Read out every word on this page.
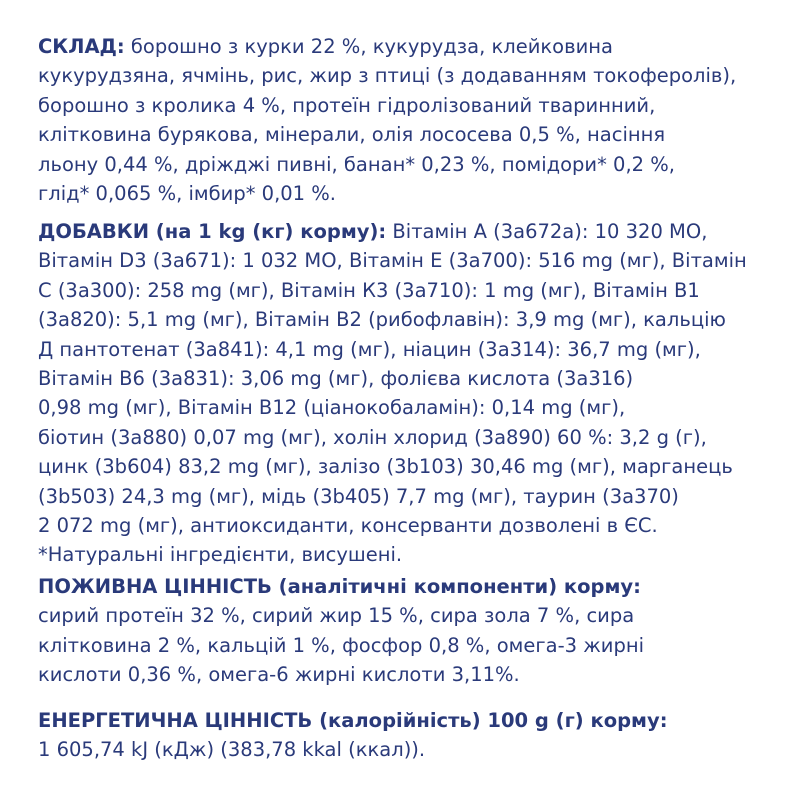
СКЛАД: борошно з курки 22 %, кукурудза, клейковина

кукурудзяна, ячмінь, рис, жир з птиці (з додаванням токоферолів),

борошно з кролика 4 %, протеїн гідролізований тваринний,

клітковина бурякова, мінерали, олія лососева 0,5 %, насіння

льону 0,44 %, дріжджі пивні, банан* 0,23 %, помідори* 0,2 %,

глід* 0,065 %, імбир* 0,01 %.

ДОБАВКИ (на 1 kg (кг) корму): Вітамін А (3а672а): 10 320 МО,

Вітамін D3 (3а671): 1 032 МО, Вітамін Е (3а700): 516 mg (мг), Вітамін

С (3а300): 258 mg (мг), Вітамін К3 (3а710): 1 mg (мг), Вітамін В1

(3а820): 5,1 mg (мг), Вітамін В2 (рибофлавін): 3,9 mg (мг), кальцію

Д пантотенат (3а841): 4,1 mg (мг), ніацин (3а314): 36,7 mg (мг),

Вітамін В6 (3а831): 3,06 mg (мг), фолієва кислота (3а316)

0,98 mg (мг), Вітамін В12 (ціанокобаламін): 0,14 mg (мг),

біотин (3а880) 0,07 mg (мг), холін хлорид (3а890) 60 %: 3,2 g (г),

цинк (3b604) 83,2 mg (мг), залізо (3b103) 30,46 mg (мг), марганець

(3b503) 24,3 mg (мг), мідь (3b405) 7,7 mg (мг), таурин (3а370)

2 072 mg (мг), антиоксиданти, консерванти дозволені в ЄС.

*Натуральні інгредієнти, висушені.

ПОЖИВНА ЦІННІСТЬ (аналітичні компоненти) корму:

сирий протеїн 32 %, сирий жир 15 %, сира зола 7 %, сира

клітковина 2 %, кальцій 1 %, фосфор 0,8 %, омега-3 жирні

кислоти 0,36 %, омега-6 жирні кислоти 3,11%.

ЕНЕРГЕТИЧНА ЦІННІСТЬ (калорійність) 100 g (г) корму:

1 605,74 kJ (кДж) (383,78 kkal (ккал)).
